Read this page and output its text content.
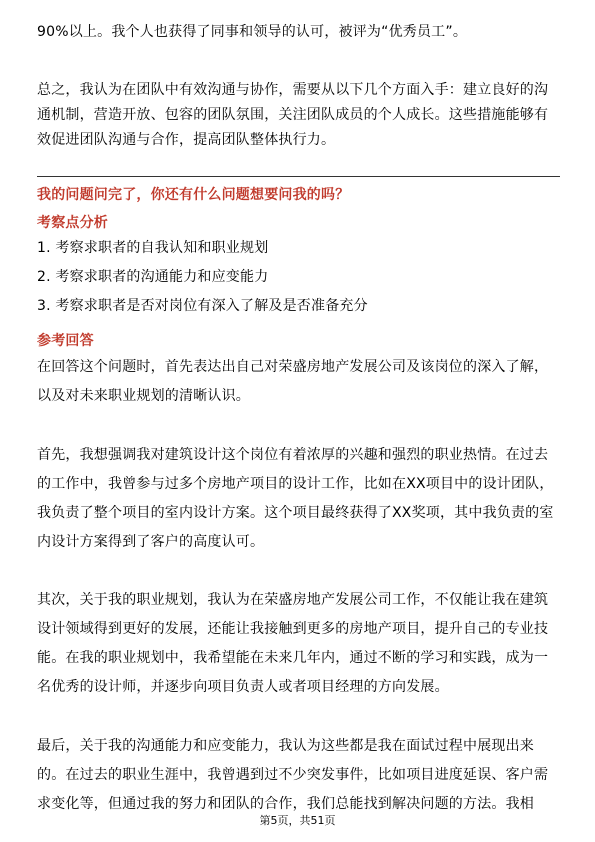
90%以上。我个人也获得了同事和领导的认可，被评为“优秀员工”。
总之，我认为在团队中有效沟通与协作，需要从以下几个方面入手：建立良好的沟
通机制，营造开放、包容的团队氛围，关注团队成员的个人成长。这些措施能够有
效促进团队沟通与合作，提高团队整体执行力。
我的问题问完了，你还有什么问题想要问我的吗？
考察点分析
1. 考察求职者的自我认知和职业规划
2. 考察求职者的沟通能力和应变能力
3. 考察求职者是否对岗位有深入了解及是否准备充分
参考回答
在回答这个问题时，首先表达出自己对荣盛房地产发展公司及该岗位的深入了解，
以及对未来职业规划的清晰认识。
首先，我想强调我对建筑设计这个岗位有着浓厚的兴趣和强烈的职业热情。在过去
的工作中，我曾参与过多个房地产项目的设计工作，比如在XX项目中的设计团队，
我负责了整个项目的室内设计方案。这个项目最终获得了XX奖项，其中我负责的室
内设计方案得到了客户的高度认可。
其次，关于我的职业规划，我认为在荣盛房地产发展公司工作，不仅能让我在建筑
设计领域得到更好的发展，还能让我接触到更多的房地产项目，提升自己的专业技
能。在我的职业规划中，我希望能在未来几年内，通过不断的学习和实践，成为一
名优秀的设计师，并逐步向项目负责人或者项目经理的方向发展。
最后，关于我的沟通能力和应变能力，我认为这些都是我在面试过程中展现出来
的。在过去的职业生涯中，我曾遇到过不少突发事件，比如项目进度延误、客户需
求变化等，但通过我的努力和团队的合作，我们总能找到解决问题的方法。我相
第5页，共51页
